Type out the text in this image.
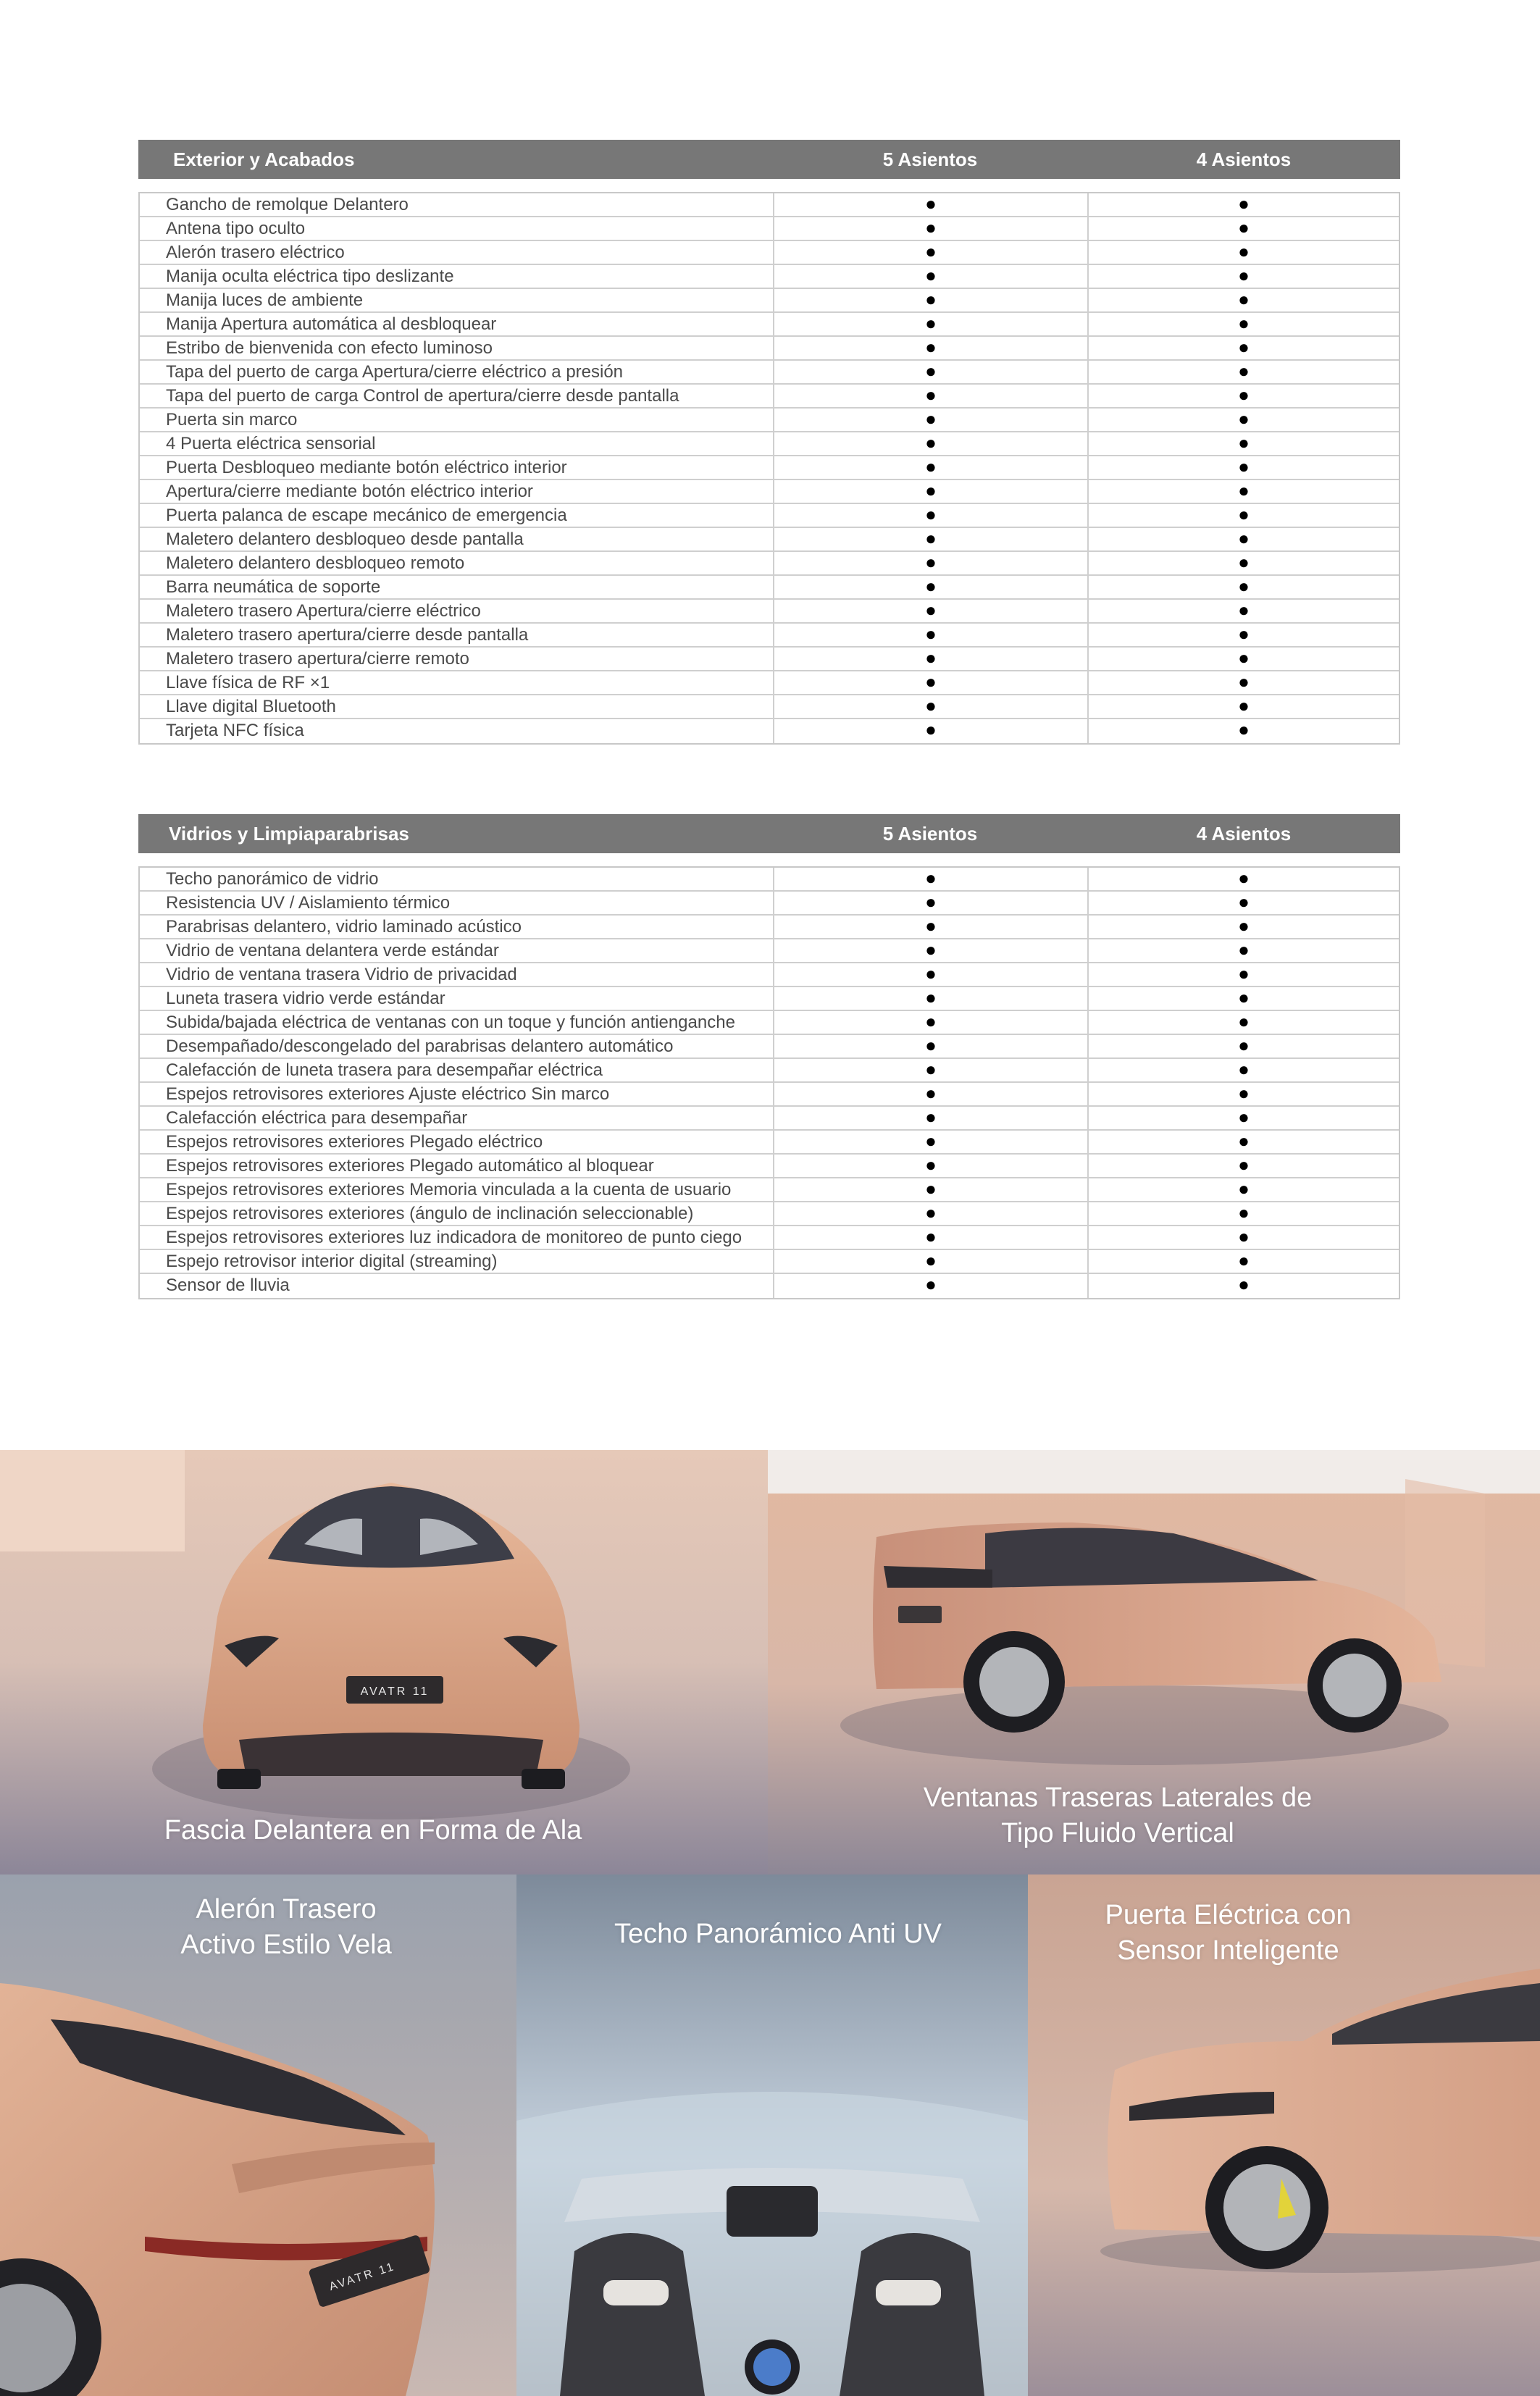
Exterior y Acabados	5 Asientos	4 Asientos
Gancho de remolque Delantero	●	●
Antena tipo oculto	●	●
Alerón trasero eléctrico	●	●
Manija oculta eléctrica tipo deslizante	●	●
Manija luces de ambiente	●	●
Manija Apertura automática al desbloquear	●	●
Estribo de bienvenida con efecto luminoso	●	●
Tapa del puerto de carga Apertura/cierre eléctrico a presión	●	●
Tapa del puerto de carga Control de apertura/cierre desde pantalla	●	●
Puerta sin marco	●	●
4 Puerta eléctrica sensorial	●	●
Puerta Desbloqueo mediante botón eléctrico interior	●	●
Apertura/cierre mediante botón eléctrico interior	●	●
Puerta palanca de escape mecánico de emergencia	●	●
Maletero delantero desbloqueo desde pantalla	●	●
Maletero delantero desbloqueo remoto	●	●
Barra neumática de soporte	●	●
Maletero trasero Apertura/cierre eléctrico	●	●
Maletero trasero apertura/cierre desde pantalla	●	●
Maletero trasero apertura/cierre remoto	●	●
Llave física de RF ×1	●	●
Llave digital Bluetooth	●	●
Tarjeta NFC física	●	●
Vidrios y Limpiaparabrisas	5 Asientos	4 Asientos
Techo panorámico de vidrio	●	●
Resistencia UV / Aislamiento térmico	●	●
Parabrisas delantero, vidrio laminado acústico	●	●
Vidrio de ventana delantera verde estándar	●	●
Vidrio de ventana trasera Vidrio de privacidad	●	●
Luneta trasera vidrio verde estándar	●	●
Subida/bajada eléctrica de ventanas con un toque y función antienganche	●	●
Desempañado/descongelado del parabrisas delantero automático	●	●
Calefacción de luneta trasera para desempañar eléctrica	●	●
Espejos retrovisores exteriores Ajuste eléctrico Sin marco	●	●
Calefacción eléctrica para desempañar	●	●
Espejos retrovisores exteriores Plegado eléctrico	●	●
Espejos retrovisores exteriores Plegado automático al bloquear	●	●
Espejos retrovisores exteriores Memoria vinculada a la cuenta de usuario	●	●
Espejos retrovisores exteriores (ángulo de inclinación seleccionable)	●	●
Espejos retrovisores exteriores luz indicadora de monitoreo de punto ciego	●	●
Espejo retrovisor interior digital (streaming)	●	●
Sensor de lluvia	●	●
AVATR 11
Fascia Delantera en Forma de Ala
Ventanas Traseras Laterales de
Tipo Fluido Vertical
AVATR 11
Alerón Trasero
Activo Estilo Vela	Techo Panorámico Anti UV
Puerta Eléctrica con
Sensor Inteligente
